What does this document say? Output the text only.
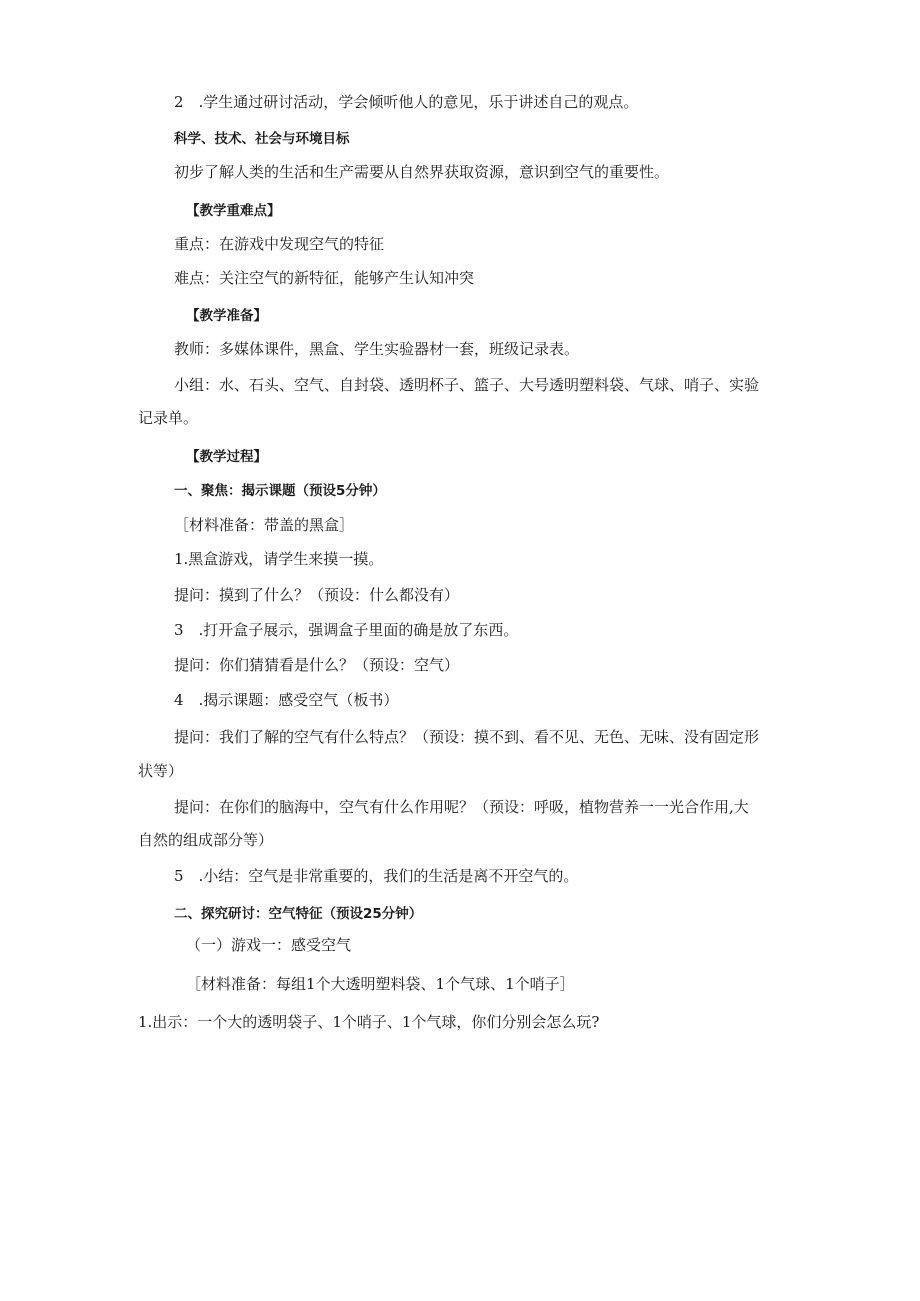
2　.学生通过研讨活动，学会倾听他人的意见，乐于讲述自己的观点。
科学、技术、社会与环境目标
初步了解人类的生活和生产需要从自然界获取资源，意识到空气的重要性。
【教学重难点】
重点：在游戏中发现空气的特征
难点：关注空气的新特征，能够产生认知冲突
【教学准备】
教师：多媒体课件，黑盒、学生实验器材一套，班级记录表。
小组：水、石头、空气、自封袋、透明杯子、篮子、大号透明塑料袋、气球、哨子、实验
记录单。
【教学过程】
一、聚焦：揭示课题（预设5分钟）
［材料准备：带盖的黑盒］
1.黑盒游戏，请学生来摸一摸。
提问：摸到了什么？（预设：什么都没有）
3　.打开盒子展示，强调盒子里面的确是放了东西。
提问：你们猜猜看是什么？（预设：空气）
4　.揭示课题：感受空气（板书）
提问：我们了解的空气有什么特点？（预设：摸不到、看不见、无色、无味、没有固定形
状等）
提问：在你们的脑海中，空气有什么作用呢？（预设：呼吸，植物营养一一光合作用,大
自然的组成部分等）
5　.小结：空气是非常重要的，我们的生活是离不开空气的。
二、探究研讨：空气特征（预设25分钟）
（一）游戏一：感受空气
［材料准备：每组1个大透明塑料袋、1个气球、1个哨子］
1.出示：一个大的透明袋子、1个哨子、1个气球，你们分别会怎么玩?
